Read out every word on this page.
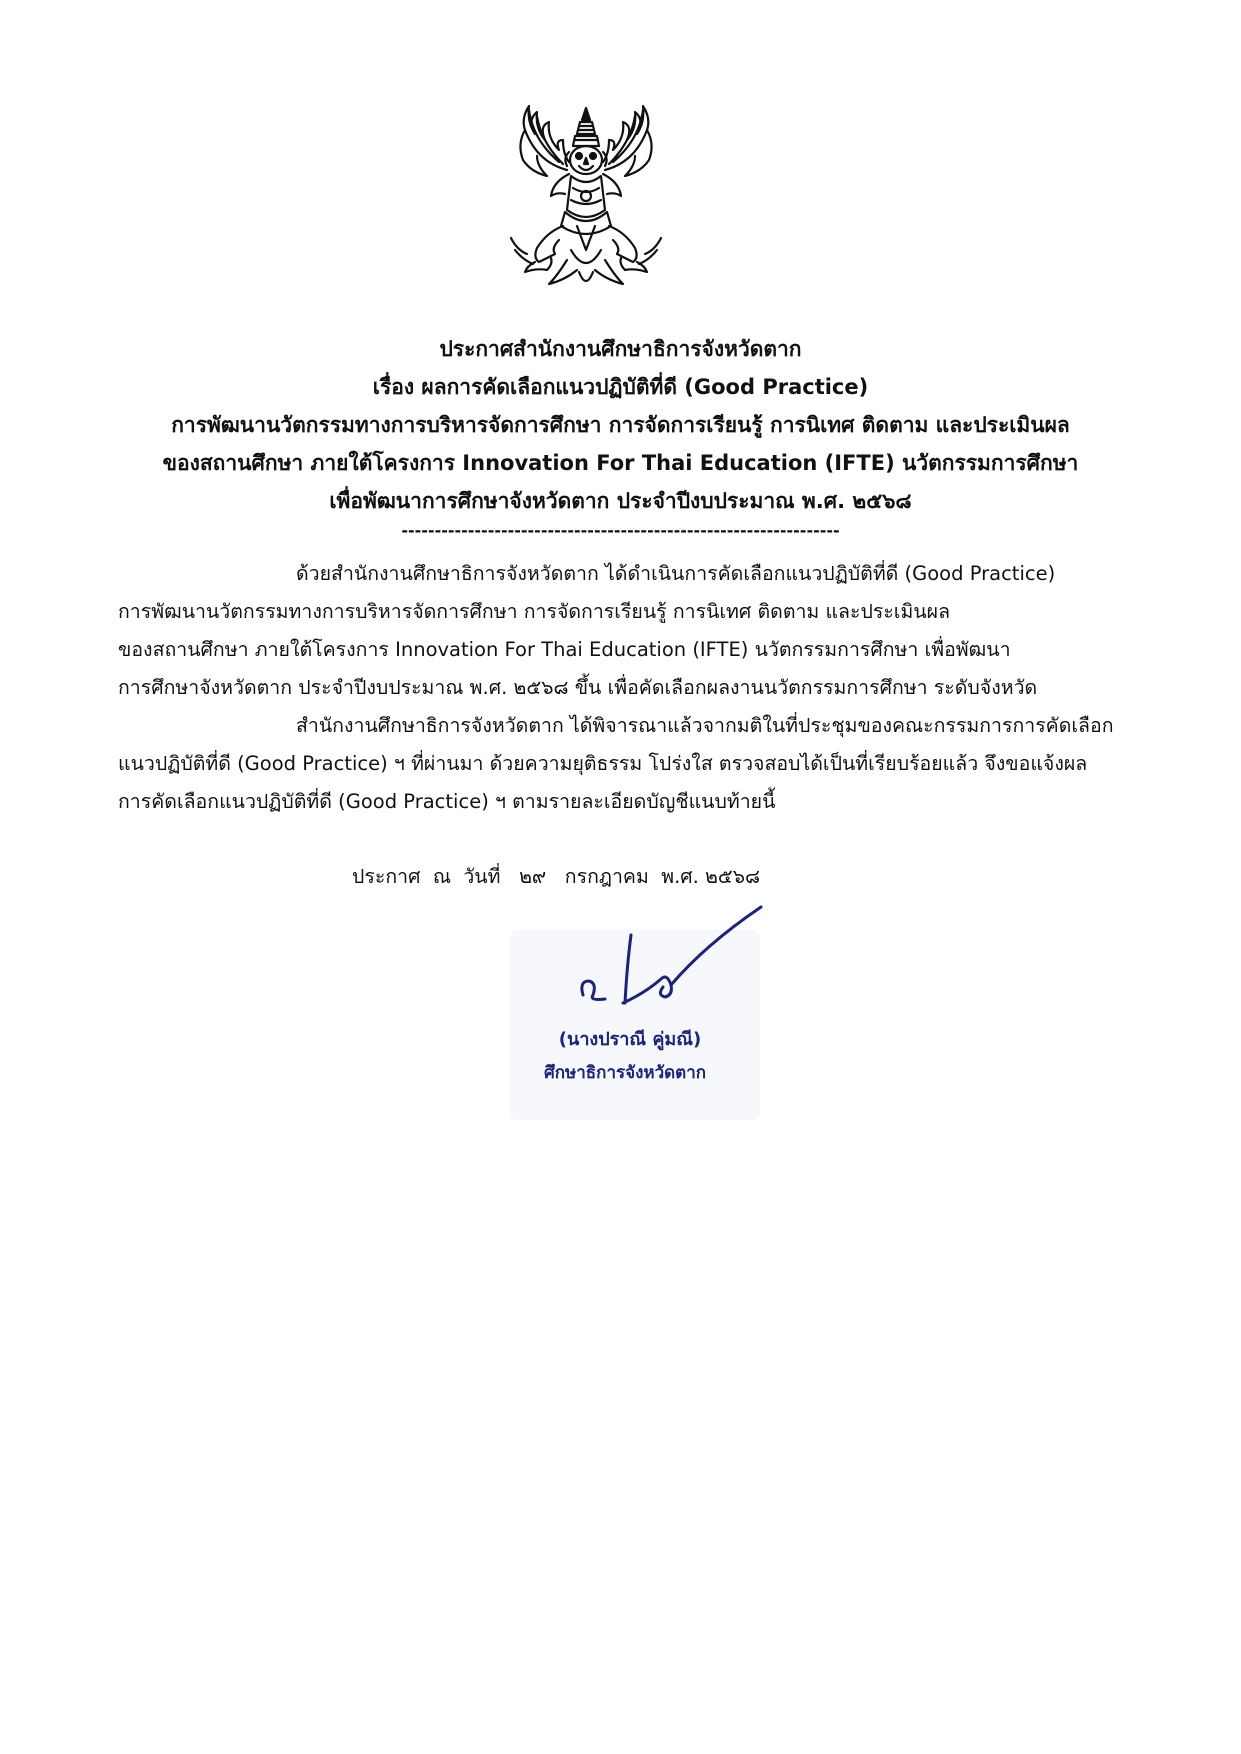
ประกาศสำนักงานศึกษาธิการจังหวัดตาก
เรื่อง ผลการคัดเลือกแนวปฏิบัติที่ดี (Good Practice)
การพัฒนานวัตกรรมทางการบริหารจัดการศึกษา การจัดการเรียนรู้ การนิเทศ ติดตาม และประเมินผล
ของสถานศึกษา ภายใต้โครงการ Innovation For Thai Education (IFTE) นวัตกรรมการศึกษา
เพื่อพัฒนาการศึกษาจังหวัดตาก ประจำปีงบประมาณ พ.ศ. ๒๕๖๘
------------------------------------------------------------------
ด้วยสำนักงานศึกษาธิการจังหวัดตาก ได้ดำเนินการคัดเลือกแนวปฏิบัติที่ดี (Good Practice)
การพัฒนานวัตกรรมทางการบริหารจัดการศึกษา การจัดการเรียนรู้ การนิเทศ ติดตาม และประเมินผล
ของสถานศึกษา ภายใต้โครงการ Innovation For Thai Education (IFTE) นวัตกรรมการศึกษา เพื่อพัฒนา
การศึกษาจังหวัดตาก ประจำปีงบประมาณ พ.ศ. ๒๕๖๘ ขึ้น เพื่อคัดเลือกผลงานนวัตกรรมการศึกษา ระดับจังหวัด
สำนักงานศึกษาธิการจังหวัดตาก ได้พิจารณาแล้วจากมติในที่ประชุมของคณะกรรมการการคัดเลือก
แนวปฏิบัติที่ดี (Good Practice) ฯ ที่ผ่านมา ด้วยความยุติธรรม โปร่งใส ตรวจสอบได้เป็นที่เรียบร้อยแล้ว จึงขอแจ้งผล
การคัดเลือกแนวปฏิบัติที่ดี (Good Practice) ฯ ตามรายละเอียดบัญชีแนบท้ายนี้
ประกาศ  ณ  วันที่   ๒๙   กรกฎาคม  พ.ศ. ๒๕๖๘
(นางปราณี คู่มณี)
ศึกษาธิการจังหวัดตาก
